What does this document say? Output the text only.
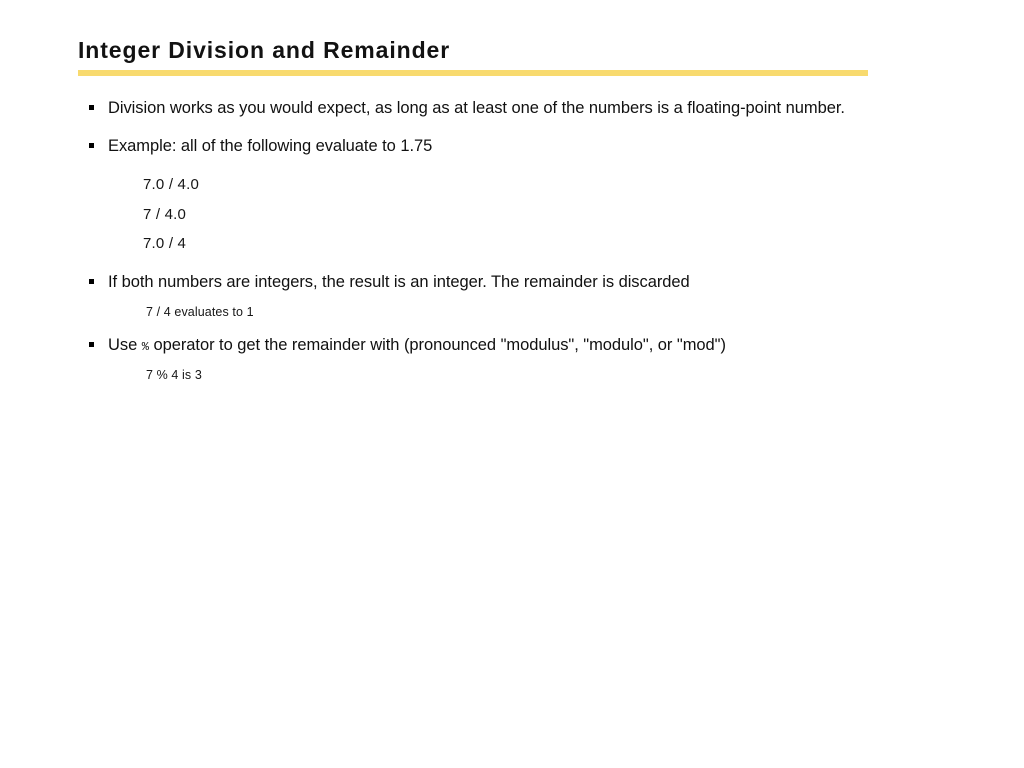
Integer Division and Remainder
Division works as you would expect, as long as at least one of the numbers is a floating-point number.
Example: all of the following evaluate to 1.75
7.0 / 4.0
7 / 4.0
7.0 / 4
If both numbers are integers, the result is an integer. The remainder is discarded
7 / 4 evaluates to 1
Use % operator to get the remainder with (pronounced "modulus", "modulo", or "mod")
7 % 4 is 3
